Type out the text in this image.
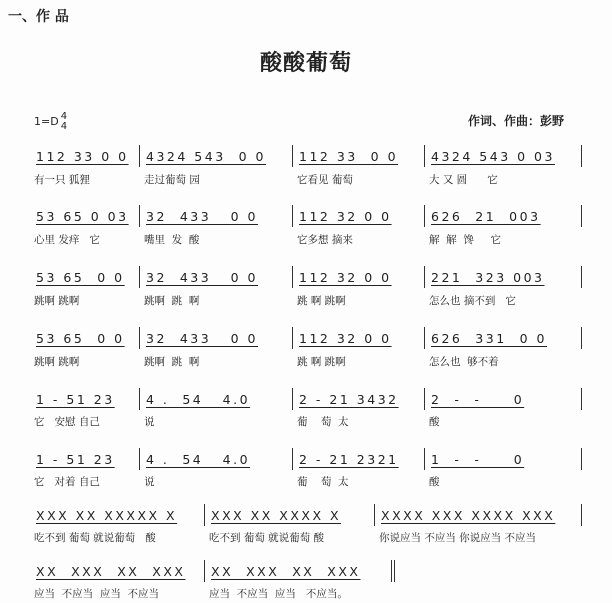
一、作 品
酸酸葡萄
1=D 4
4	作词、作曲：彭野
112 33 0 0 4324 543  0 0	112 33  0 0	4324 543 0 03
有一只 狐狸	走过葡萄 园	它看见 葡萄	大 又 圆      它
53 65 0 03 32  433   0 0	112 32 0 0	626  21  003
心里 发痒   它	嘴里  发  酸	它多想 摘来	解  解  馋     它
53 65  0 0 32  433   0 0	112 32 0 0	221  323 003
跳啊 跳啊	跳啊  跳  啊	跳 啊 跳啊	怎么也 摘不到   它
53 65  0 0 32  433   0 0	112 32 0 0	626  331  0 0
跳啊 跳啊	跳啊  跳  啊	跳 啊 跳啊	怎么也  够不着
1 - 51 23	4 .  54   4.0	2 - 21 3432	2  -  -     0
它   安慰 自己	说	葡    萄  太	酸
1 - 51 23	4 .  54   4.0	2 - 21 2321	1  -  -     0
它   对着 自己	说	葡    萄  太	酸
XXX XX XXXXX X	XXX XX XXXX X	XXXX XXX XXXX XXX
吃不到 葡萄 就说葡萄   酸	吃不到 葡萄 就说葡萄 酸	你说应当 不应当 你说应当 不应当
XX  XXX  XX  XXX XX  XXX  XX  XXX
应当  不应当  应当  不应当	应当  不应当  应当   不应当。
